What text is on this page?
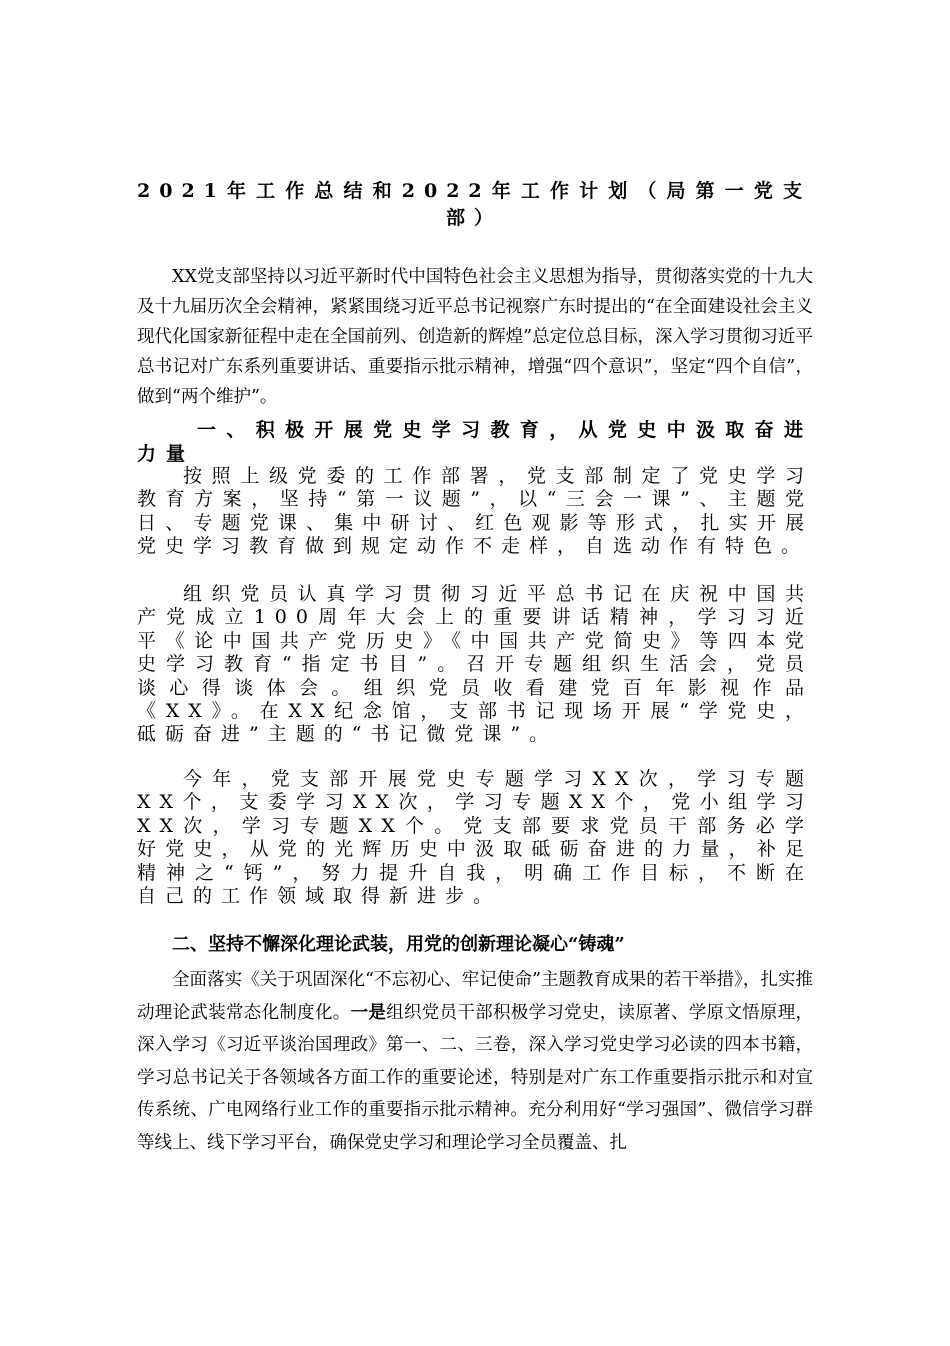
2021年工作总结和2022年工作计划（局第一党支部）
XX党支部坚持以习近平新时代中国特色社会主义思想为指导，贯彻落实党的十九大及十九届历次全会精神，紧紧围绕习近平总书记视察广东时提出的“在全面建设社会主义现代化国家新征程中走在全国前列、创造新的辉煌”总定位总目标，深入学习贯彻习近平总书记对广东系列重要讲话、重要指示批示精神，增强“四个意识”，坚定“四个自信”，做到“两个维护”。
一、积极开展党史学习教育，从党史中汲取奋进力量
按照上级党委的工作部署，党支部制定了党史学习教育方案，坚持“第一议题”，以“三会一课”、主题党日、专题党课、集中研讨、红色观影等形式，扎实开展党史学习教育做到规定动作不走样，自选动作有特色。
组织党员认真学习贯彻习近平总书记在庆祝中国共产党成立100周年大会上的重要讲话精神，学习习近平《论中国共产党历史》《中国共产党简史》等四本党史学习教育“指定书目”。召开专题组织生活会，党员谈心得谈体会。组织党员收看建党百年影视作品《XX》。在XX纪念馆，支部书记现场开展“学党史，砥砺奋进”主题的“书记微党课”。
今年，党支部开展党史专题学习XX次，学习专题XX个，支委学习XX次，学习专题XX个，党小组学习XX次，学习专题XX个。党支部要求党员干部务必学好党史，从党的光辉历史中汲取砥砺奋进的力量，补足精神之“钙”，努力提升自我，明确工作目标，不断在自己的工作领域取得新进步。
二、坚持不懈深化理论武装，用党的创新理论凝心“铸魂”
全面落实《关于巩固深化“不忘初心、牢记使命”主题教育成果的若干举措》，扎实推动理论武装常态化制度化。一是组织党员干部积极学习党史，读原著、学原文悟原理，深入学习《习近平谈治国理政》第一、二、三卷，深入学习党史学习必读的四本书籍，学习总书记关于各领域各方面工作的重要论述，特别是对广东工作重要指示批示和对宣传系统、广电网络行业工作的重要指示批示精神。充分利用好“学习强国”、微信学习群等线上、线下学习平台，确保党史学习和理论学习全员覆盖、扎
